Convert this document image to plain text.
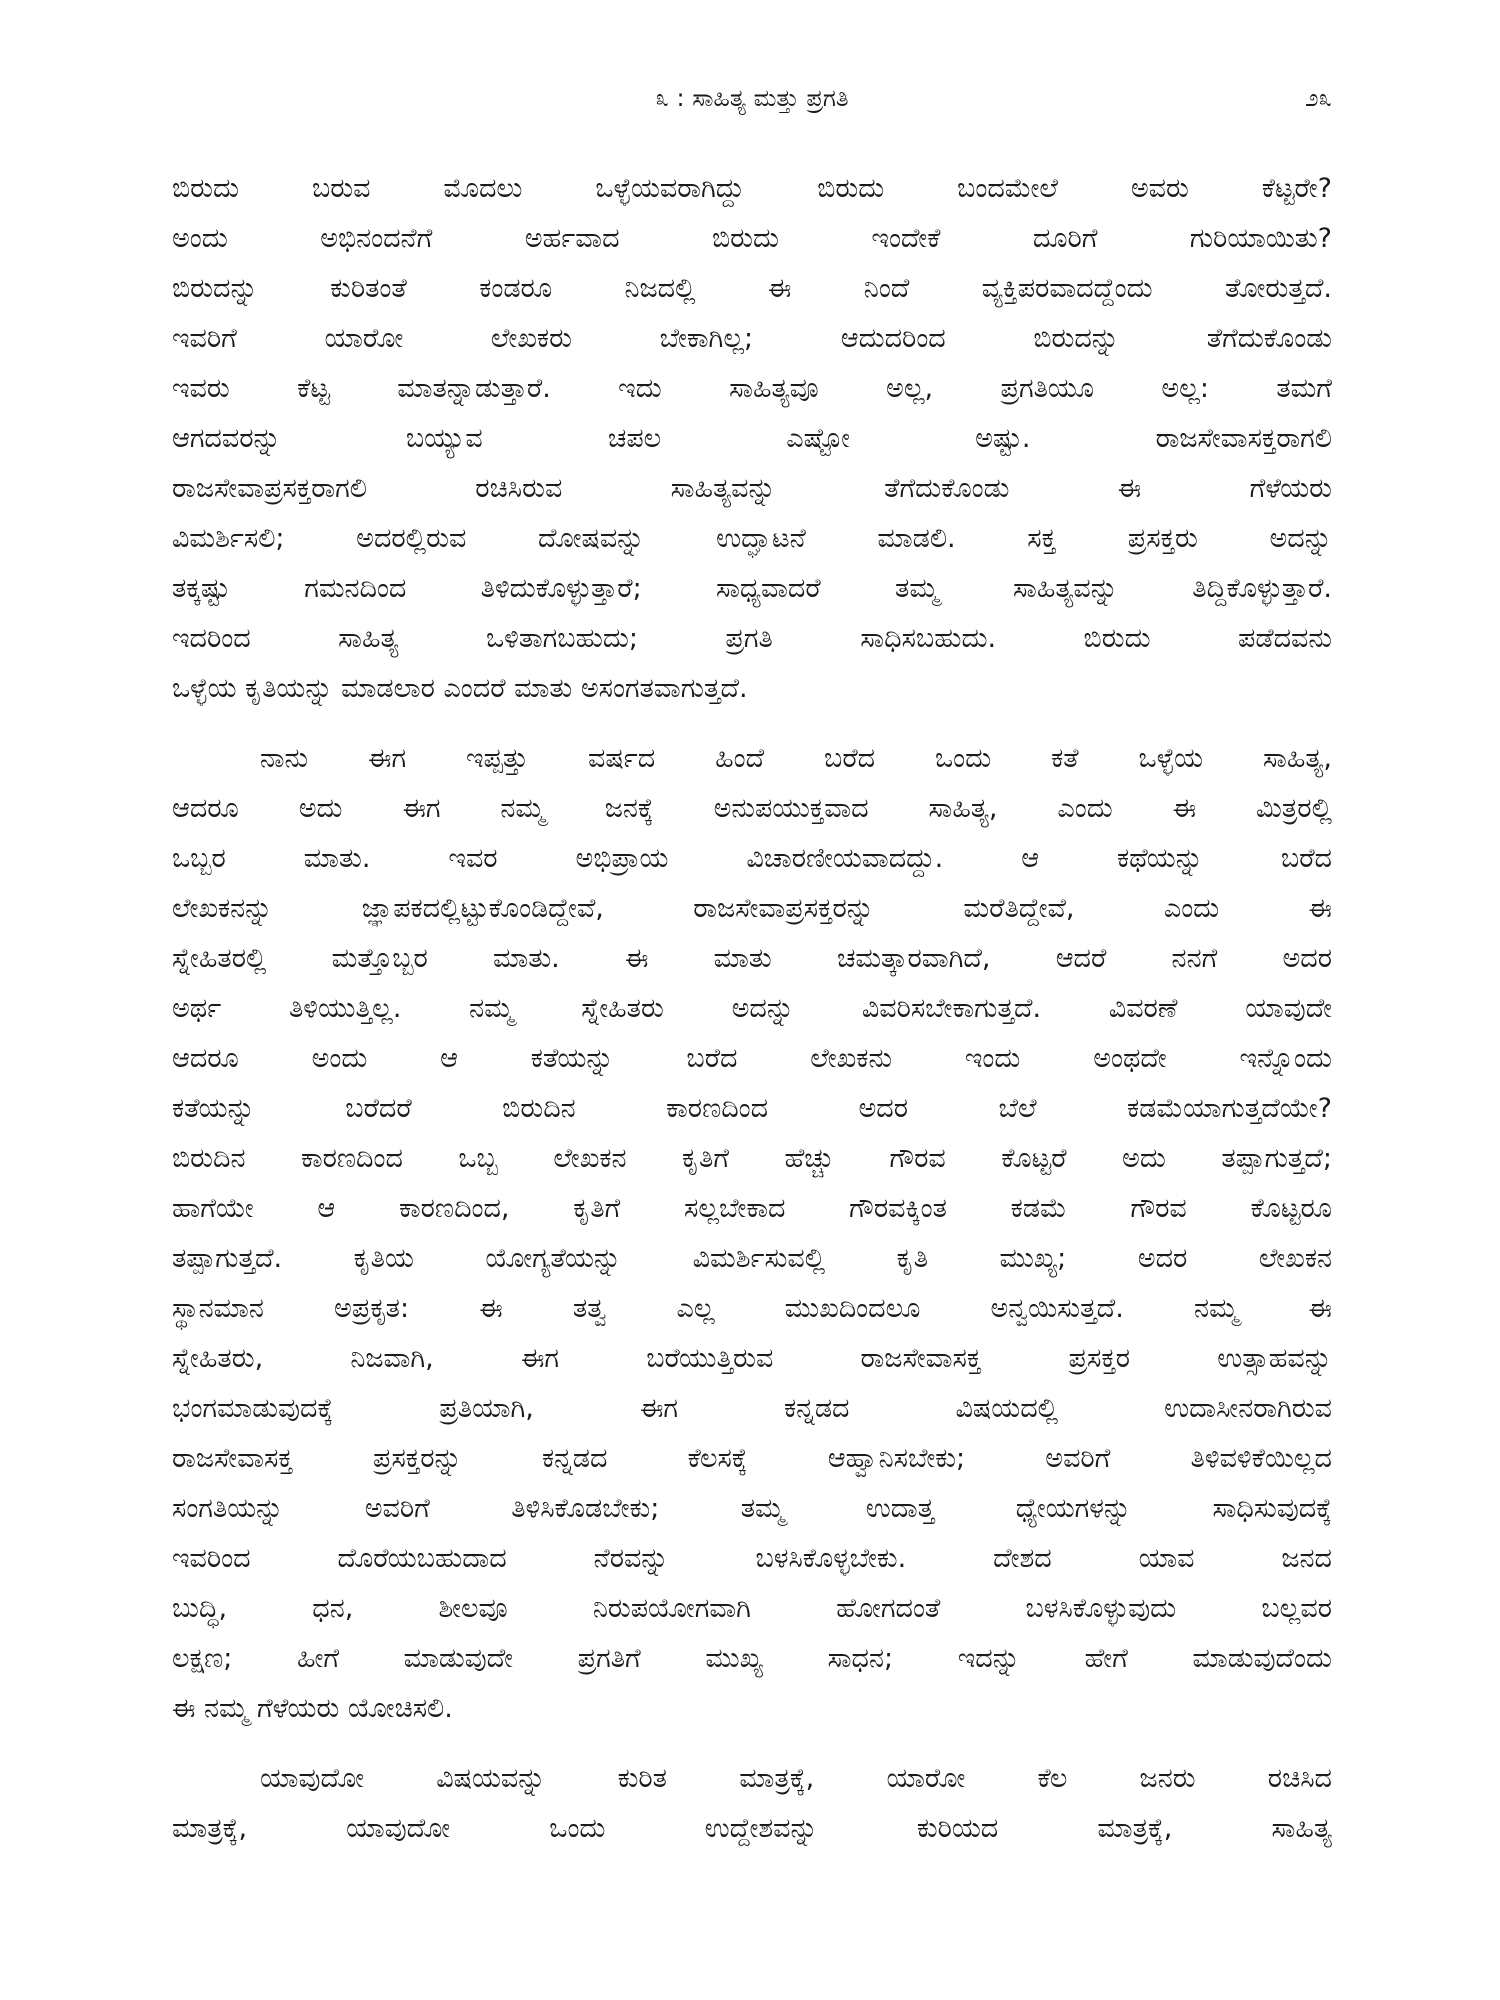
೩ : ಸಾಹಿತ್ಯ ಮತ್ತು ಪ್ರಗತಿ	೨೩

ಬಿರುದು ಬರುವ ಮೊದಲು ಒಳ್ಳೆಯವರಾಗಿದ್ದು ಬಿರುದು ಬಂದಮೇಲೆ ಅವರು ಕೆಟ್ಟರೇ?
ಅಂದು ಅಭಿನಂದನೆಗೆ ಅರ್ಹವಾದ ಬಿರುದು ಇಂದೇಕೆ ದೂರಿಗೆ ಗುರಿಯಾಯಿತು?
ಬಿರುದನ್ನು ಕುರಿತಂತೆ ಕಂಡರೂ ನಿಜದಲ್ಲಿ ಈ ನಿಂದೆ ವ್ಯಕ್ತಿಪರವಾದದ್ದೆಂದು ತೋರುತ್ತದೆ.
ಇವರಿಗೆ ಯಾರೋ ಲೇಖಕರು ಬೇಕಾಗಿಲ್ಲ; ಆದುದರಿಂದ ಬಿರುದನ್ನು ತೆಗೆದುಕೊಂಡು
ಇವರು ಕೆಟ್ಟ ಮಾತನ್ನಾಡುತ್ತಾರೆ. ಇದು ಸಾಹಿತ್ಯವೂ ಅಲ್ಲ, ಪ್ರಗತಿಯೂ ಅಲ್ಲ: ತಮಗೆ
ಆಗದವರನ್ನು ಬಯ್ಯುವ ಚಪಲ ಎಷ್ಟೋ ಅಷ್ಟು. ರಾಜಸೇವಾಸಕ್ತರಾಗಲಿ
ರಾಜಸೇವಾಪ್ರಸಕ್ತರಾಗಲಿ ರಚಿಸಿರುವ ಸಾಹಿತ್ಯವನ್ನು ತೆಗೆದುಕೊಂಡು ಈ ಗೆಳೆಯರು
ವಿಮರ್ಶಿಸಲಿ; ಅದರಲ್ಲಿರುವ ದೋಷವನ್ನು ಉದ್ಘಾಟನೆ ಮಾಡಲಿ. ಸಕ್ತ ಪ್ರಸಕ್ತರು ಅದನ್ನು
ತಕ್ಕಷ್ಟು ಗಮನದಿಂದ ತಿಳಿದುಕೊಳ್ಳುತ್ತಾರೆ; ಸಾಧ್ಯವಾದರೆ ತಮ್ಮ ಸಾಹಿತ್ಯವನ್ನು ತಿದ್ದಿಕೊಳ್ಳುತ್ತಾರೆ.
ಇದರಿಂದ ಸಾಹಿತ್ಯ ಒಳಿತಾಗಬಹುದು; ಪ್ರಗತಿ ಸಾಧಿಸಬಹುದು. ಬಿರುದು ಪಡೆದವನು
ಒಳ್ಳೆಯ ಕೃತಿಯನ್ನು ಮಾಡಲಾರ ಎಂದರೆ ಮಾತು ಅಸಂಗತವಾಗುತ್ತದೆ.

ನಾನು ಈಗ ಇಪ್ಪತ್ತು ವರ್ಷದ ಹಿಂದೆ ಬರೆದ ಒಂದು ಕತೆ ಒಳ್ಳೆಯ ಸಾಹಿತ್ಯ,
ಆದರೂ ಅದು ಈಗ ನಮ್ಮ ಜನಕ್ಕೆ ಅನುಪಯುಕ್ತವಾದ ಸಾಹಿತ್ಯ, ಎಂದು ಈ ಮಿತ್ರರಲ್ಲಿ
ಒಬ್ಬರ ಮಾತು. ಇವರ ಅಭಿಪ್ರಾಯ ವಿಚಾರಣೀಯವಾದದ್ದು. ಆ ಕಥೆಯನ್ನು ಬರೆದ
ಲೇಖಕನನ್ನು ಜ್ಞಾಪಕದಲ್ಲಿಟ್ಟುಕೊಂಡಿದ್ದೇವೆ, ರಾಜಸೇವಾಪ್ರಸಕ್ತರನ್ನು ಮರೆತಿದ್ದೇವೆ, ಎಂದು ಈ
ಸ್ನೇಹಿತರಲ್ಲಿ ಮತ್ತೊಬ್ಬರ ಮಾತು. ಈ ಮಾತು ಚಮತ್ಕಾರವಾಗಿದೆ, ಆದರೆ ನನಗೆ ಅದರ
ಅರ್ಥ ತಿಳಿಯುತ್ತಿಲ್ಲ. ನಮ್ಮ ಸ್ನೇಹಿತರು ಅದನ್ನು ವಿವರಿಸಬೇಕಾಗುತ್ತದೆ. ವಿವರಣೆ ಯಾವುದೇ
ಆದರೂ ಅಂದು ಆ ಕತೆಯನ್ನು ಬರೆದ ಲೇಖಕನು ಇಂದು ಅಂಥದೇ ಇನ್ನೊಂದು
ಕತೆಯನ್ನು ಬರೆದರೆ ಬಿರುದಿನ ಕಾರಣದಿಂದ ಅದರ ಬೆಲೆ ಕಡಮೆಯಾಗುತ್ತದೆಯೇ?
ಬಿರುದಿನ ಕಾರಣದಿಂದ ಒಬ್ಬ ಲೇಖಕನ ಕೃತಿಗೆ ಹೆಚ್ಚು ಗೌರವ ಕೊಟ್ಟರೆ ಅದು ತಪ್ಪಾಗುತ್ತದೆ;
ಹಾಗೆಯೇ ಆ ಕಾರಣದಿಂದ, ಕೃತಿಗೆ ಸಲ್ಲಬೇಕಾದ ಗೌರವಕ್ಕಿಂತ ಕಡಮೆ ಗೌರವ ಕೊಟ್ಟರೂ
ತಪ್ಪಾಗುತ್ತದೆ. ಕೃತಿಯ ಯೋಗ್ಯತೆಯನ್ನು ವಿಮರ್ಶಿಸುವಲ್ಲಿ ಕೃತಿ ಮುಖ್ಯ; ಅದರ ಲೇಖಕನ
ಸ್ಥಾನಮಾನ ಅಪ್ರಕೃತ: ಈ ತತ್ವ ಎಲ್ಲ ಮುಖದಿಂದಲೂ ಅನ್ವಯಿಸುತ್ತದೆ. ನಮ್ಮ ಈ
ಸ್ನೇಹಿತರು, ನಿಜವಾಗಿ, ಈಗ ಬರೆಯುತ್ತಿರುವ ರಾಜಸೇವಾಸಕ್ತ ಪ್ರಸಕ್ತರ ಉತ್ಸಾಹವನ್ನು
ಭಂಗಮಾಡುವುದಕ್ಕೆ ಪ್ರತಿಯಾಗಿ, ಈಗ ಕನ್ನಡದ ವಿಷಯದಲ್ಲಿ ಉದಾಸೀನರಾಗಿರುವ
ರಾಜಸೇವಾಸಕ್ತ ಪ್ರಸಕ್ತರನ್ನು ಕನ್ನಡದ ಕೆಲಸಕ್ಕೆ ಆಹ್ವಾನಿಸಬೇಕು; ಅವರಿಗೆ ತಿಳಿವಳಿಕೆಯಿಲ್ಲದ
ಸಂಗತಿಯನ್ನು ಅವರಿಗೆ ತಿಳಿಸಿಕೊಡಬೇಕು; ತಮ್ಮ ಉದಾತ್ತ ಧ್ಯೇಯಗಳನ್ನು ಸಾಧಿಸುವುದಕ್ಕೆ
ಇವರಿಂದ ದೊರೆಯಬಹುದಾದ ನೆರವನ್ನು ಬಳಸಿಕೊಳ್ಳಬೇಕು. ದೇಶದ ಯಾವ ಜನದ
ಬುದ್ಧಿ, ಧನ, ಶೀಲವೂ ನಿರುಪಯೋಗವಾಗಿ ಹೋಗದಂತೆ ಬಳಸಿಕೊಳ್ಳುವುದು ಬಲ್ಲವರ
ಲಕ್ಷಣ; ಹೀಗೆ ಮಾಡುವುದೇ ಪ್ರಗತಿಗೆ ಮುಖ್ಯ ಸಾಧನ; ಇದನ್ನು ಹೇಗೆ ಮಾಡುವುದೆಂದು
ಈ ನಮ್ಮ ಗೆಳೆಯರು ಯೋಚಿಸಲಿ.

ಯಾವುದೋ ವಿಷಯವನ್ನು ಕುರಿತ ಮಾತ್ರಕ್ಕೆ, ಯಾರೋ ಕೆಲ ಜನರು ರಚಿಸಿದ
ಮಾತ್ರಕ್ಕೆ, ಯಾವುದೋ ಒಂದು ಉದ್ದೇಶವನ್ನು ಕುರಿಯದ ಮಾತ್ರಕ್ಕೆ, ಸಾಹಿತ್ಯ
